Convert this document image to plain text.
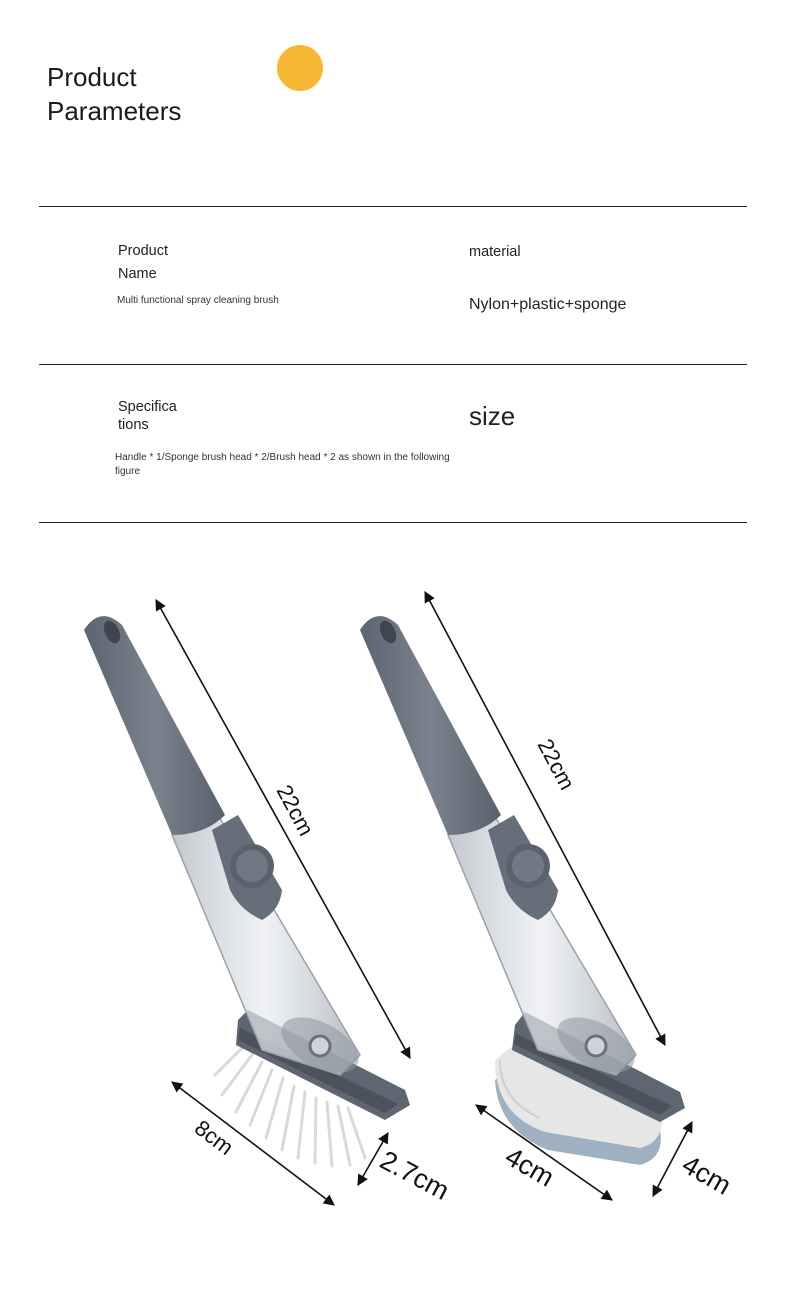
Product
Parameters
Product
Name
Multi functional spray cleaning brush
material
Nylon+plastic+sponge
Specifica
tions
Handle * 1/Sponge brush head * 2/Brush head * 2 as shown in the following
figure
size
22cm
22cm
8cm
2.7cm 4cm	4cm
